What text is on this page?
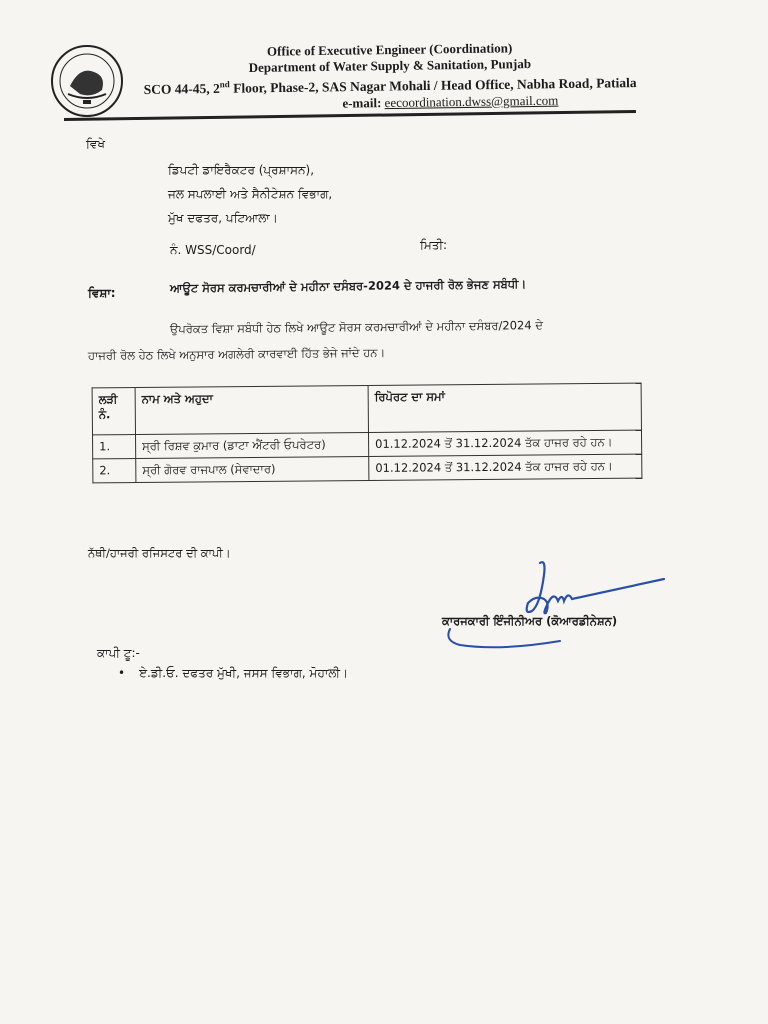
Office of Executive Engineer (Coordination)
Department of Water Supply & Sanitation, Punjab
SCO 44-45, 2nd Floor, Phase-2, SAS Nagar Mohali / Head Office, Nabha Road, Patiala
e-mail: eecoordination.dwss@gmail.com
ਵਿਖੇ
ਡਿਪਟੀ ਡਾਇਰੈਕਟਰ (ਪ੍ਰਸ਼ਾਸਨ),
ਜਲ ਸਪਲਾਈ ਅਤੇ ਸੈਨੀਟੇਸ਼ਨ ਵਿਭਾਗ,
ਮੁੱਖ ਦਫਤਰ, ਪਟਿਆਲਾ।
ਨੰ. WSS/Coord/	ਮਿਤੀ:
ਵਿਸ਼ਾ:	ਆਊਟ ਸੋਰਸ ਕਰਮਚਾਰੀਆਂ ਦੇ ਮਹੀਨਾ ਦਸੰਬਰ-2024 ਦੇ ਹਾਜਰੀ ਰੋਲ ਭੇਜਣ ਸਬੰਧੀ।
ਉਪਰੋਕਤ ਵਿਸ਼ਾ ਸਬੰਧੀ ਹੇਠ ਲਿਖੇ ਆਊਟ ਸੋਰਸ ਕਰਮਚਾਰੀਆਂ ਦੇ ਮਹੀਨਾ ਦਸੰਬਰ/2024 ਦੇ
ਹਾਜਰੀ ਰੋਲ ਹੇਠ ਲਿਖੇ ਅਨੁਸਾਰ ਅਗਲੇਰੀ ਕਾਰਵਾਈ ਹਿੱਤ ਭੇਜੇ ਜਾਂਦੇ ਹਨ।
ਲੜੀ ਨੰ.	ਨਾਮ ਅਤੇ ਅਹੁਦਾ	ਰਿਪੋਰਟ ਦਾ ਸਮਾਂ
1.	ਸ੍ਰੀ ਰਿਸ਼ਵ ਕੁਮਾਰ (ਡਾਟਾ ਐਂਟਰੀ ਓਪਰੇਟਰ)	01.12.2024 ਤੋਂ 31.12.2024 ਤੱਕ ਹਾਜਰ ਰਹੇ ਹਨ।
2.	ਸ੍ਰੀ ਗੋਰਵ ਰਾਜਪਾਲ (ਸੇਵਾਦਾਰ)	01.12.2024 ਤੋਂ 31.12.2024 ਤੱਕ ਹਾਜਰ ਰਹੇ ਹਨ।
ਨੱਥੀ/ਹਾਜਰੀ ਰਜਿਸਟਰ ਦੀ ਕਾਪੀ।
ਕਾਰਜਕਾਰੀ ਇੰਜੀਨੀਅਰ (ਕੋਆਰਡੀਨੇਸ਼ਨ)
ਕਾਪੀ ਟੂ:-
• ਏ.ਡੀ.ਓ. ਦਫਤਰ ਮੁੱਖੀ, ਜਸਸ ਵਿਭਾਗ, ਮੋਹਾਲੀ।
